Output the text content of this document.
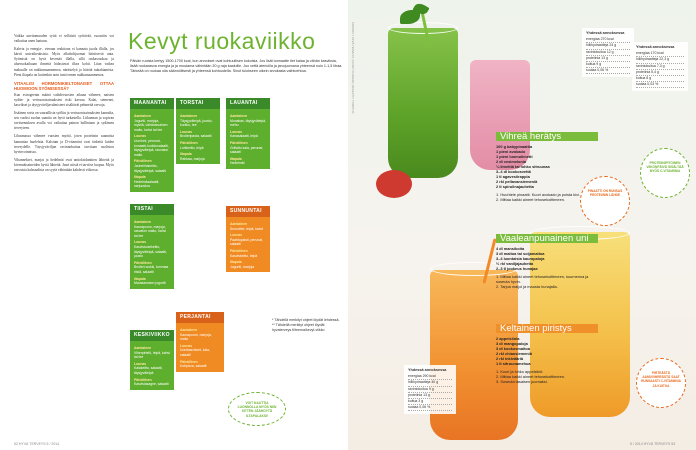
Vaikka unettomuuden syitä ei selläistä syötävää, ruoastiin voi vaikuttaa unen laatuun.

Kahvia ja energia-, vieraan reaktiona ei kannata juoda illalla, jos kärsii univaikeuksista. Myös alkoholijuomat häiritsevät unta. Syömistä on hyvä kevenää illalla, sillä raskasruokaa ja alueruokailuaan ihmettä hidastuvat ilkea kohti. Liian vaikea makuulle on nukkumaanmenoa, närästelyä ja häiritä nukahtamista. Pieni iltapala on kuitenkin noin tunti ennen nukkumaanmenoa.

VITAALISI HORMONIKIELTONAISET OTTAA HUOMIOON SYÖMISESSÄ?

Kun estrogeenin määrä vaihdevuosien aikana vähenee, naisten sydän- ja verisuonisairauksien riski kasvaa. Kalat, siemenet, kasvikset ja täysjyväviljavalmisteet sisältävät pehmeitä rasvoja.

Itsäänen ravia on vaaraillista syöliin ja verisuonisairauksien kannalta, sen vuoksi suolan saantia on hyvä tarkastella. Liikunnan ja sopivan ravitsemuksen avulla voi vaikuttaa painon hallintaan ja sydämen terveyteen.

Lihasmassa vähenee vuosien myötä, joten proteiinin saannista kannattaa huolehtia. Kalsium ja D-vitamiini ovat tärkeitä luiden terveydelle. Täysjyväviljan ravinnokuitua tarvitaan suoliston hyvinvoinnissa.

Vihannekset, marjat ja hedelmät ovat antioksidanttien lähteitä ja kivennäisaineiden hyviä lähteitä. Juuri niistä ei tarvitse luopua. Myös rasvaisia kalasaalista on syytä vähintään kahdesti viikossa.

Kevyt ruokaviikko
Päivän ruoista kertyy 1500-1700 kcal, kun annokset ovat kohtuullisen kokoisia. Jos lisät tunnaatte tiet kalaa ja vähän kasviksia, lisää ruokarasva energia ja ja muutama vähintään 30 g raja kaaluille. Juo vettä aterioilla ja janojuomana yhteensä noin 1-1,5 litraa. Tärkeää on ruokaa olla säännöllisesti ja yhteensä kohtuudella. Sinut tulokseen oikein arvokasta vaihtoehtoa.
MAANANTAI
Aamiainen
Jogurtti, marjoja, mysliä, vähärasvainen maito, kahvi tai tee
Lounas
Uunilohi, perunat, tomaatti-kurkkusalaatti, täysjyväleipä, rasvaton maito
Päivällinen
Jauhelihakeitto, täysjyväleipä, salaatti
Iltapala
Hedelmäsalaatti, raejuustoa
TIISTAI
Aamiainen
Kaurapuuro, marjoja, rasvaton maito, kahvi tai tee
Lounas
Kasvissosekeitto, täysjyväleipä, salaatti, juusto
Päivällinen
Broileri-wokki, tummaa riisiä, salaatti
Iltapala
Maustamaton jogurtti
KESKIVIIKKO
Aamiainen
Viherpirtelö, leipä, kahvi tai tee
Lounas
Kalakeitto, salaatti, täysjyväleipä
Päivällinen
Kasvislasagne, salaatti
TORSTAI
Aamiainen
Täysjyväleipä, juusto, kurkku, tee
Lounas
Broileripasta, salaatti
Päivällinen
Lohikeitto, leipä
Iltapala
Rahkaa, marjoja
PERJANTAI
Aamiainen
Kaurapuuro, marjoja, maito
Lounas
Uunikasvikset, kala, salaatti
Päivällinen
Kotipizza, salaatti
LAUANTAI
Aamiainen
Munakas, täysjyväleipä, mehu
Lounas
Kanasalaatti, leipä
Päivällinen
Grillattu kala, perunat, salaatti
Iltapala
Hedelmät
SUNNUNTAI
Aamiainen
Smoothie, leipä, kahvi
Lounas
Paahtopaisti, perunat, salaatti
Päivällinen
Kasviskeitto, leipä
Iltapala
Jogurtti, marjoja
VOIT NAUTTIA LUONNOLLA MYÖS NIIN SITTEN JÄÄHDYTÄ ILTAPALAKSI!
* Tähdellä merkityt ohjeet löydät lehdessä.
** Tähdellä merkityt ohjeet löydät hyvaterveys.fi/teema/kevyt-viikko
52 HYVÄ TERVEYS 5 / 2014
KOONNUT HYVÄ TERVEYS | KUVAT: KUVAAJA | RESEPTIT: TOIMITUS	Yhdessä annoksessa
energiaa 270 kcal
hiilihydraatteja 24 g
ravintokuitua 12 g
proteiinia 13 g
kuitua 9 g
suolaa 0,06 %
Yhdessä annoksessa
energiaa 170 kcal
hiilihydraatteja 22,3 g
ravintokuitua 7,3 g
proteiinia 5,4 g
kuitua 8 g
suolaa 0,03 %
Yhdessä annoksessa
energiaa 290 kcal
hiilihydraatteja 40 g
ravintokuitua 9 g
proteiinia 13 g
kuitua 3 g
suolaa 0,06 %
Vihreä herätys
100 g babypinaattia
1 pieni avokado
1 pieni luomulimetti
2 dl vesimelonia
¼ limettiä tai lohko sitruunaa
3–4 dl kookosvettä
1 tl agavesiirappia
2 rkl pellavansiemeniä
2 tl spirulinajauhetta
1. Huuhtele pinaatti. Kuori avokado ja poista kivi.
2. Mittaa kaikki aineet tehosekoittimeen.
Vaaleanpunainen uni
4 dl mansikoita
3 dl maitoa tai soijamaitoa
3–4 luontaisia kaurapaloja
½ rkl vaniljajauhetta
2–3 tl jookeus hunajaa
1. Mittaa kaikki aineet tehosekoittimeen, kuumenna ja soseuta hyvin.
2. Tarjoa maljoi ja mausta hunajalla.
Keltainen piristys
2 appelsiinia
3 dl mangopaloja
3 dl kookosmaitoa
2 rkl chiansiemeniä
2 rkl inkivääriä
1 tl sitruunamehua
1. Kuori ja lohko appelsiinit.
2. Mittaa kaikki aineet tehosekoittimeen.
3. Soseuta tasaisen juomaksi.
PINAATTI ON RUNSAS PROTEIININ LÄHDE
PROTEIINIPITOINEN VIIKONPÄIVÄ SISÄLTÄÄ MYÖS C-VITAMIINIA
PIRTEÄSTÄ AAMUVIHREÄSTÄ SAAT RUNSAASTI C-VITAMIINIA JA KUITUA
5 / 2014 HYVÄ TERVEYS 53
